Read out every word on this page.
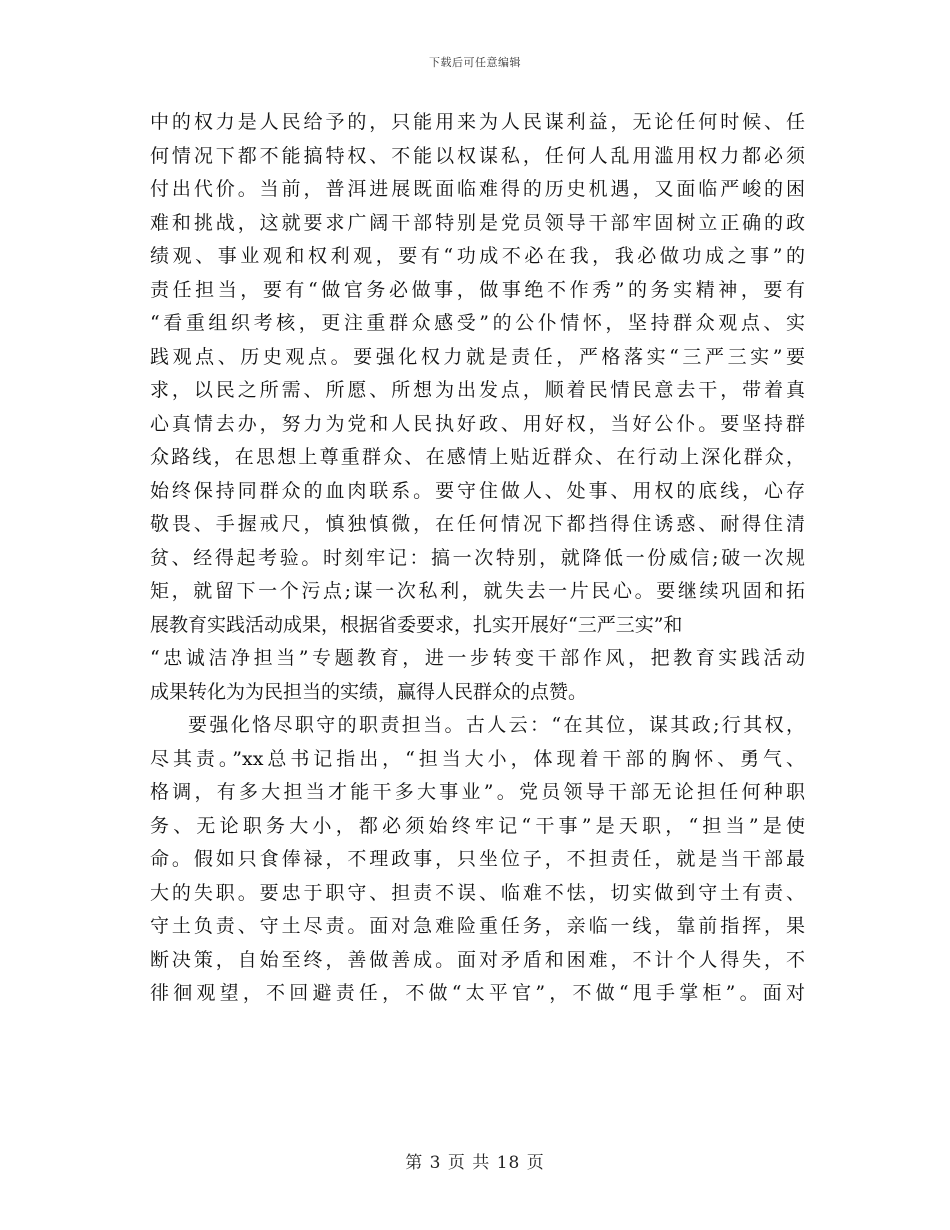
下载后可任意编辑
中的权力是人民给予的，只能用来为人民谋利益，无论任何时候、任
何情况下都不能搞特权、不能以权谋私，任何人乱用滥用权力都必须
付出代价。当前，普洱进展既面临难得的历史机遇，又面临严峻的困
难和挑战，这就要求广阔干部特别是党员领导干部牢固树立正确的政
绩观、事业观和权利观，要有“功成不必在我，我必做功成之事”的
责任担当，要有“做官务必做事，做事绝不作秀”的务实精神，要有
“看重组织考核，更注重群众感受”的公仆情怀，坚持群众观点、实
践观点、历史观点。要强化权力就是责任，严格落实“三严三实”要
求，以民之所需、所愿、所想为出发点，顺着民情民意去干，带着真
心真情去办，努力为党和人民执好政、用好权，当好公仆。要坚持群
众路线，在思想上尊重群众、在感情上贴近群众、在行动上深化群众，
始终保持同群众的血肉联系。要守住做人、处事、用权的底线，心存
敬畏、手握戒尺，慎独慎微，在任何情况下都挡得住诱惑、耐得住清
贫、经得起考验。时刻牢记：搞一次特别，就降低一份威信;破一次规
矩，就留下一个污点;谋一次私利，就失去一片民心。要继续巩固和拓
展教育实践活动成果，根据省委要求，扎实开展好“三严三实”和
“忠诚洁净担当”专题教育，进一步转变干部作风，把教育实践活动
成果转化为为民担当的实绩，赢得人民群众的点赞。
要强化恪尽职守的职责担当。古人云：“在其位，谋其政;行其权，
尽其责。”xx总书记指出，“担当大小，体现着干部的胸怀、勇气、
格调，有多大担当才能干多大事业”。党员领导干部无论担任何种职
务、无论职务大小，都必须始终牢记“干事”是天职，“担当”是使
命。假如只食俸禄，不理政事，只坐位子，不担责任，就是当干部最
大的失职。要忠于职守、担责不误、临难不怯，切实做到守土有责、
守土负责、守土尽责。面对急难险重任务，亲临一线，靠前指挥，果
断决策，自始至终，善做善成。面对矛盾和困难，不计个人得失，不
徘徊观望，不回避责任，不做“太平官”，不做“甩手掌柜”。面对
第 3 页 共 18 页
